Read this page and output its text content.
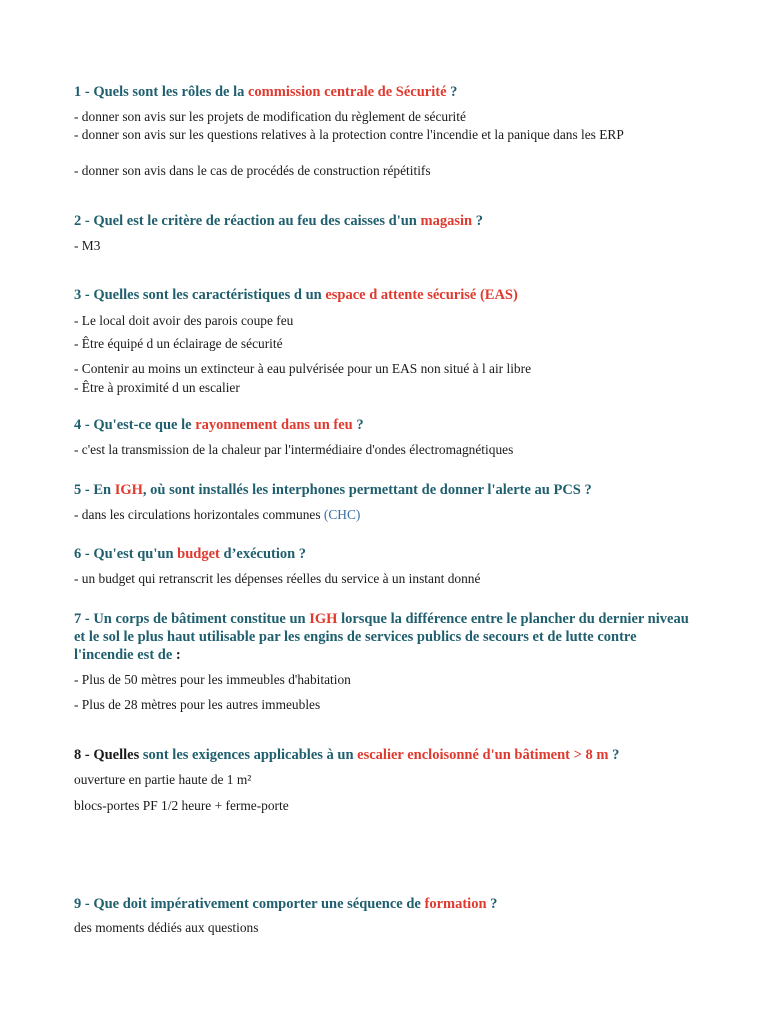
1 - Quels sont les rôles de la commission centrale de Sécurité ?
- donner son avis sur les projets de modification du règlement de sécurité
- donner son avis sur les questions relatives à la protection contre l'incendie et la panique dans les ERP
- donner son avis dans le cas de procédés de construction répétitifs
2 - Quel est le critère de réaction au feu des caisses d'un magasin ?
- M3
3 - Quelles sont les caractéristiques d un espace d attente sécurisé (EAS)
- Le local doit avoir des parois coupe feu
- Être équipé d un éclairage de sécurité
- Contenir au moins un extincteur à eau pulvérisée pour un EAS non situé à l air libre
- Être à proximité d un escalier
4 - Qu'est-ce que le rayonnement dans un feu ?
- c'est la transmission de la chaleur par l'intermédiaire d'ondes électromagnétiques
5 - En IGH, où sont installés les interphones permettant de donner l'alerte au PCS ?
- dans les circulations horizontales communes (CHC)
6 - Qu'est qu'un budget d’exécution ?
- un budget qui retranscrit les dépenses réelles du service à un instant donné
7 - Un corps de bâtiment constitue un IGH lorsque la différence entre le plancher du dernier niveau et le sol le plus haut utilisable par les engins de services publics de secours et de lutte contre l'incendie est de :
- Plus de 50 mètres pour les immeubles d'habitation
- Plus de 28 mètres pour les autres immeubles
8 - Quelles sont les exigences applicables à un escalier encloisonné d'un bâtiment > 8 m ?
ouverture en partie haute de 1 m²
blocs-portes PF 1/2 heure + ferme-porte
9 - Que doit impérativement comporter une séquence de formation ?
des moments dédiés aux questions
